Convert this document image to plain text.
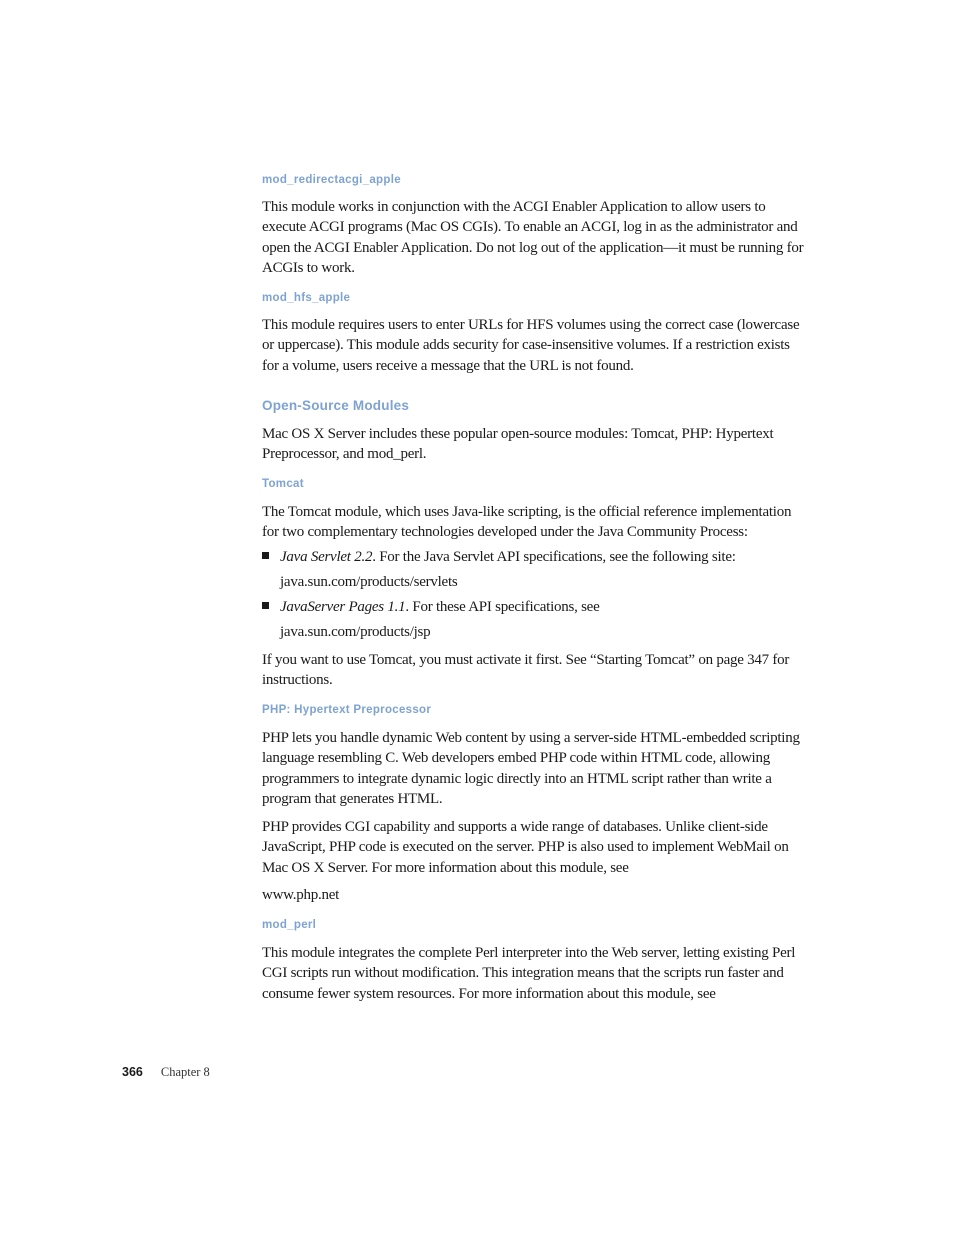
mod_redirectacgi_apple
This module works in conjunction with the ACGI Enabler Application to allow users to execute ACGI programs (Mac OS CGIs). To enable an ACGI, log in as the administrator and open the ACGI Enabler Application. Do not log out of the application—it must be running for ACGIs to work.
mod_hfs_apple
This module requires users to enter URLs for HFS volumes using the correct case (lowercase or uppercase). This module adds security for case-insensitive volumes. If a restriction exists for a volume, users receive a message that the URL is not found.
Open-Source Modules
Mac OS X Server includes these popular open-source modules: Tomcat, PHP: Hypertext Preprocessor, and mod_perl.
Tomcat
The Tomcat module, which uses Java-like scripting, is the official reference implementation for two complementary technologies developed under the Java Community Process:
Java Servlet 2.2. For the Java Servlet API specifications, see the following site:
java.sun.com/products/servlets
JavaServer Pages 1.1. For these API specifications, see
java.sun.com/products/jsp
If you want to use Tomcat, you must activate it first. See “Starting Tomcat” on page 347 for instructions.
PHP: Hypertext Preprocessor
PHP lets you handle dynamic Web content by using a server-side HTML-embedded scripting language resembling C. Web developers embed PHP code within HTML code, allowing programmers to integrate dynamic logic directly into an HTML script rather than write a program that generates HTML.
PHP provides CGI capability and supports a wide range of databases. Unlike client-side JavaScript, PHP code is executed on the server. PHP is also used to implement WebMail on Mac OS X Server. For more information about this module, see
www.php.net
mod_perl
This module integrates the complete Perl interpreter into the Web server, letting existing Perl CGI scripts run without modification. This integration means that the scripts run faster and consume fewer system resources. For more information about this module, see
366 Chapter 8
